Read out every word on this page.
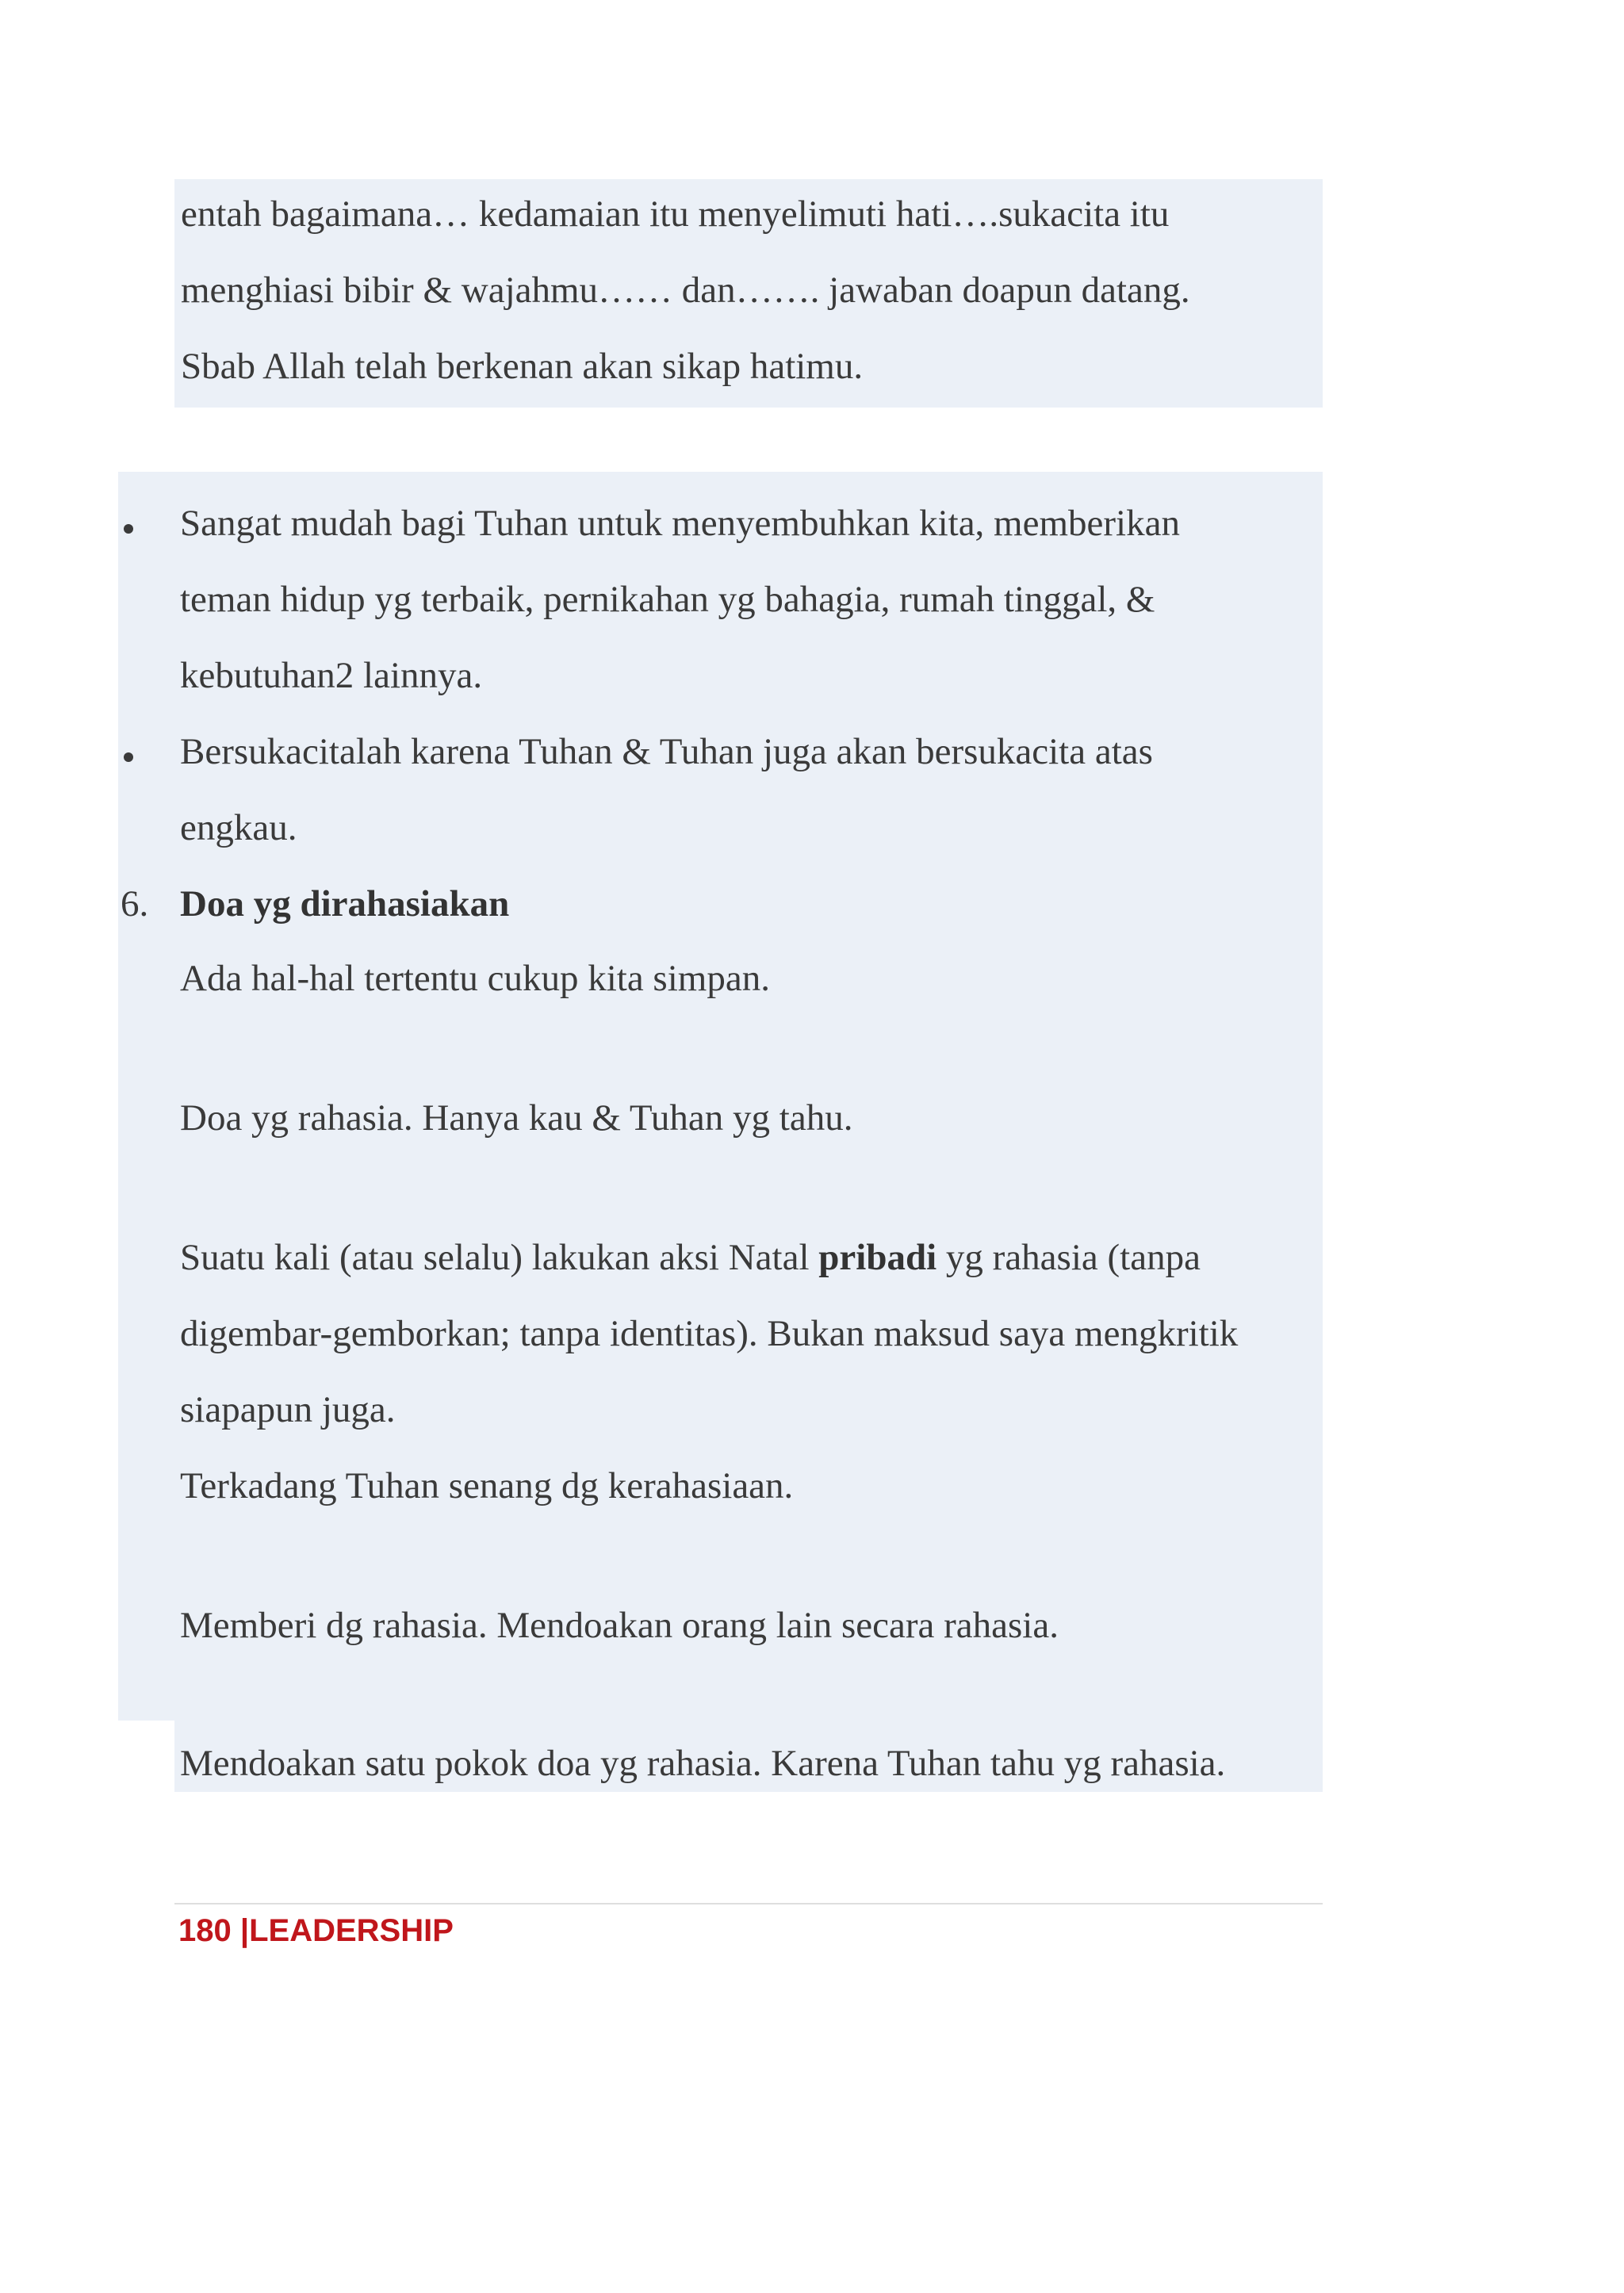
entah bagaimana… kedamaian itu menyelimuti hati….sukacita itu

menghiasi bibir & wajahmu…… dan……. jawaban doapun datang.

Sbab Allah telah berkenan akan sikap hatimu.

Sangat mudah bagi Tuhan untuk menyembuhkan kita, memberikan
teman hidup yg terbaik, pernikahan yg bahagia, rumah tinggal, &
kebutuhan2 lainnya.
Bersukacitalah karena Tuhan & Tuhan juga akan bersukacita atas
engkau.
6. Doa yg dirahasiakan
Ada hal-hal tertentu cukup kita simpan.
Doa yg rahasia. Hanya kau & Tuhan yg tahu.
Suatu kali (atau selalu) lakukan aksi Natal pribadi yg rahasia (tanpa
digembar-gemborkan; tanpa identitas). Bukan maksud saya mengkritik
siapapun juga.
Terkadang Tuhan senang dg kerahasiaan.
Memberi dg rahasia. Mendoakan orang lain secara rahasia.
Mendoakan satu pokok doa yg rahasia. Karena Tuhan tahu yg rahasia.
180 |LEADERSHIP
